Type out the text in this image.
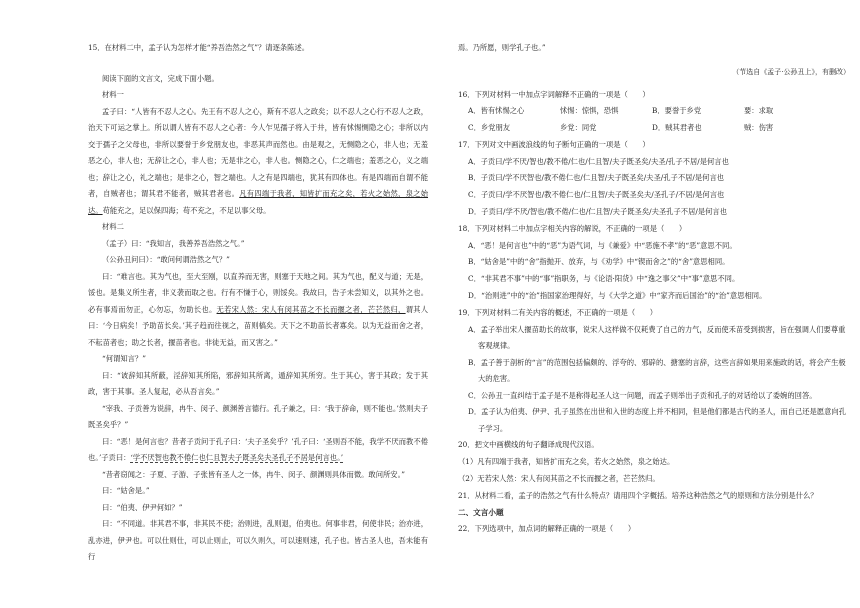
15．在材料二中，孟子认为怎样才能“养吾浩然之气”？请逐条陈述。

阅读下面的文言文，完成下面小题。

材料一

孟子曰：“人皆有不忍人之心。先王有不忍人之心，斯有不忍人之政矣；以不忍人之心行不忍人之政，治天下可运之掌上。所以谓人皆有不忍人之心者：今人乍见孺子将入于井，皆有怵惕恻隐之心；非所以内交于孺子之父母也，非所以要誉于乡党朋友也，非恶其声而然也。由是观之，无恻隐之心，非人也；无羞恶之心，非人也；无辞让之心，非人也；无是非之心，非人也。恻隐之心，仁之端也；羞恶之心，义之端也；辞让之心，礼之端也；是非之心，智之端也。人之有是四端也，犹其有四体也。有是四端而自谓不能者，自贼者也；谓其君不能者，贼其君者也。凡有四端于我者，知皆扩而充之矣，若火之始然，泉之始达。苟能充之，足以保四海；苟不充之，不足以事父母。

材料二

（孟子）曰：“我知言，我善养吾浩然之气。”

（公孙丑问曰）：“敢问何谓浩然之气？”

曰：“难言也。其为气也，至大至刚，以直养而无害，则塞于天地之间。其为气也，配义与道；无是，馁也。是集义所生者，非义袭而取之也。行有不慊于心，则馁矣。我故曰，告子未尝知义，以其外之也。必有事焉而勿正，心勿忘，勿助长也。无若宋人然：宋人有闵其苗之不长而揠之者，芒芒然归，谓其人曰：‘今日病矣！予助苗长矣。’其子趋而往视之，苗则槁矣。天下之不助苗长者寡矣。以为无益而舍之者，不耘苗者也；助之长者，揠苗者也。非徒无益，而又害之。”

“何谓知言？”

曰：“诐辞知其所蔽，淫辞知其所陷，邪辞知其所离，遁辞知其所穷。生于其心，害于其政；发于其政，害于其事。圣人复起，必从吾言矣。”

“宰我、子贡善为说辞，冉牛、闵子、颜渊善言德行。孔子兼之，曰：‘我于辞命，则不能也。’然则夫子既圣矣乎？”

曰：“恶！是何言也？昔者子贡问于孔子曰：‘夫子圣矣乎？’孔子曰：‘圣则吾不能，我学不厌而教不倦也。’子贡曰：‘学不厌智也教不倦仁也仁且智夫子既圣矣夫圣孔子不居是何言也。’

“昔者窃闻之：子夏、子游、子张皆有圣人之一体，冉牛、闵子、颜渊则具体而微。敢问所安。”

曰：“姑舍是。”

曰：“伯夷、伊尹何如？”

曰：“不同道。非其君不事，非其民不使；治则进，乱则退，伯夷也。何事非君，何使非民；治亦进，乱亦进，伊尹也。可以仕则仕，可以止则止，可以久则久，可以速则速，孔子也。皆古圣人也，吾未能有行

焉。乃所愿，则学孔子也。”

（节选自《孟子·公孙丑上》，有删改）

16．下列对材料一中加点字词解释不正确的一项是（　　）

A．皆有怵惕之心	怵惕：惊惧，恐惧	B．要誉于乡党	要：求取
C．乡党朋友	乡党：同党	D．贼其君者也	贼：伤害

17．下列对文中画波浪线的句子断句正确的一项是（　　）

A．子贡曰/学不厌/智也/教不倦/仁也/仁且智/夫子既圣矣/夫圣/孔子不居/是何言也

B．子贡曰/学不厌智也/教不倦仁也/仁且智/夫子既圣矣/夫圣/孔子不居/是何言也

C．子贡曰/学不厌智也/教不倦仁也/仁且智/夫子既圣矣夫/圣孔子/不居/是何言也

D．子贡曰/学不厌/智也/教不倦/仁也/仁且智/夫子既圣矣/夫圣孔子不居/是何言也

18．下列对材料二中加点字相关内容的解说，不正确的一项是（　　）

A．“恶！是何言也”中的“恶”为语气词，与《兼爱》中“恶施不孝”的“恶”意思不同。

B．“姑舍是”中的“舍”指抛开、放弃，与《劝学》中“锲而舍之”的“舍”意思相同。

C．“非其君不事”中的“事”指职务，与《论语·阳货》中“逸之事父”中“事”意思不同。

D．“治则进”中的“治”指国家治理得好，与《大学之道》中“家齐而后国治”的“治”意思相同。

19．下列对材料二有关内容的概述，不正确的一项是（　　）

A．孟子举出宋人揠苗助长的故事，说宋人这样做不仅耗费了自己的力气，反而使禾苗受到损害，旨在强调人们要尊重客观规律。

B．孟子善于剖析的“言”的范围包括偏颇的、浮夸的、邪辟的、搪塞的言辞，这些言辞如果用来施政的话，将会产生极大的危害。

C．公孙丑一直纠结于孟子是不是称得起圣人这一问题，而孟子则举出子贡和孔子的对话给以了委婉的回答。

D．孟子认为伯夷、伊尹、孔子虽然在出世和入世的态度上并不相同，但是他们都是古代的圣人，而自己还是愿意向孔子学习。

20．把文中画横线的句子翻译成现代汉语。

（1）凡有四端于我者，知皆扩而充之矣，若火之始然，泉之始达。

（2）无若宋人然：宋人有闵其苗之不长而揠之者，芒芒然归。

21．从材料二看，孟子的浩然之气有什么特点？请用四个字概括。培养这种浩然之气的原则和方法分别是什么？

二、文言小题

22．下列选项中，加点词的解释正确的一项是（　　）
